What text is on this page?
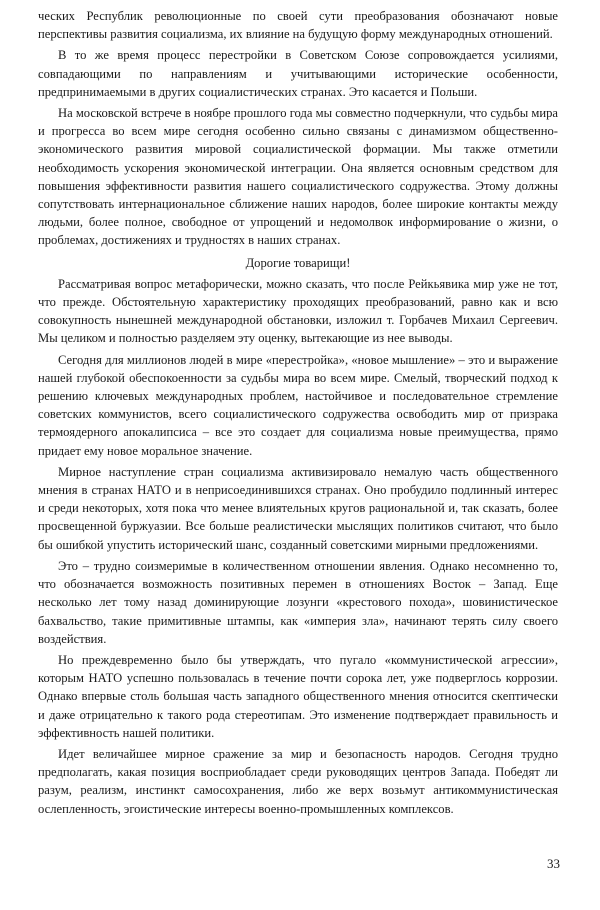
ческих Республик революционные по своей сути преобразования обозначают новые перспективы развития социализма, их влияние на будущую форму международных отношений.

В то же время процесс перестройки в Советском Союзе сопровождается усилиями, совпадающими по направлениям и учитывающими исторические особенности, предпринимаемыми в других социалистических странах. Это касается и Польши.

На московской встрече в ноябре прошлого года мы совместно подчеркнули, что судьбы мира и прогресса во всем мире сегодня особенно сильно связаны с динамизмом общественно-экономического развития мировой социалистической формации. Мы также отметили необходимость ускорения экономической интеграции. Она является основным средством для повышения эффективности развития нашего социалистического содружества. Этому должны сопутствовать интернациональное сближение наших народов, более широкие контакты между людьми, более полное, свободное от упрощений и недомолвок информирование о жизни, о проблемах, достижениях и трудностях в наших странах.

Дорогие товарищи!

Рассматривая вопрос метафорически, можно сказать, что после Рейкьявика мир уже не тот, что прежде. Обстоятельную характеристику проходящих преобразований, равно как и всю совокупность нынешней международной обстановки, изложил т. Горбачев Михаил Сергеевич. Мы целиком и полностью разделяем эту оценку, вытекающие из нее выводы.

Сегодня для миллионов людей в мире «перестройка», «новое мышление» – это и выражение нашей глубокой обеспокоенности за судьбы мира во всем мире. Смелый, творческий подход к решению ключевых международных проблем, настойчивое и последовательное стремление советских коммунистов, всего социалистического содружества освободить мир от призрака термоядерного апокалипсиса – все это создает для социализма новые преимущества, прямо придает ему новое моральное значение.

Мирное наступление стран социализма активизировало немалую часть общественного мнения в странах НАТО и в неприсоединившихся странах. Оно пробудило подлинный интерес и среди некоторых, хотя пока что менее влиятельных кругов рациональной и, так сказать, более просвещенной буржуазии. Все больше реалистически мыслящих политиков считают, что было бы ошибкой упустить исторический шанс, созданный советскими мирными предложениями.

Это – трудно соизмеримые в количественном отношении явления. Однако несомненно то, что обозначается возможность позитивных перемен в отношениях Восток – Запад. Еще несколько лет тому назад доминирующие лозунги «крестового похода», шовинистическое бахвальство, такие примитивные штампы, как «империя зла», начинают терять силу своего воздействия.

Но преждевременно было бы утверждать, что пугало «коммунистической агрессии», которым НАТО успешно пользовалась в течение почти сорока лет, уже подверглось коррозии. Однако впервые столь большая часть западного общественного мнения относится скептически и даже отрицательно к такого рода стереотипам. Это изменение подтверждает правильность и эффективность нашей политики.

Идет величайшее мирное сражение за мир и безопасность народов. Сегодня трудно предполагать, какая позиция восприобладает среди руководящих центров Запада. Победят ли разум, реализм, инстинкт самосохранения, либо же верх возьмут антикоммунистическая ослепленность, эгоистические интересы военно-промышленных комплексов.

33
